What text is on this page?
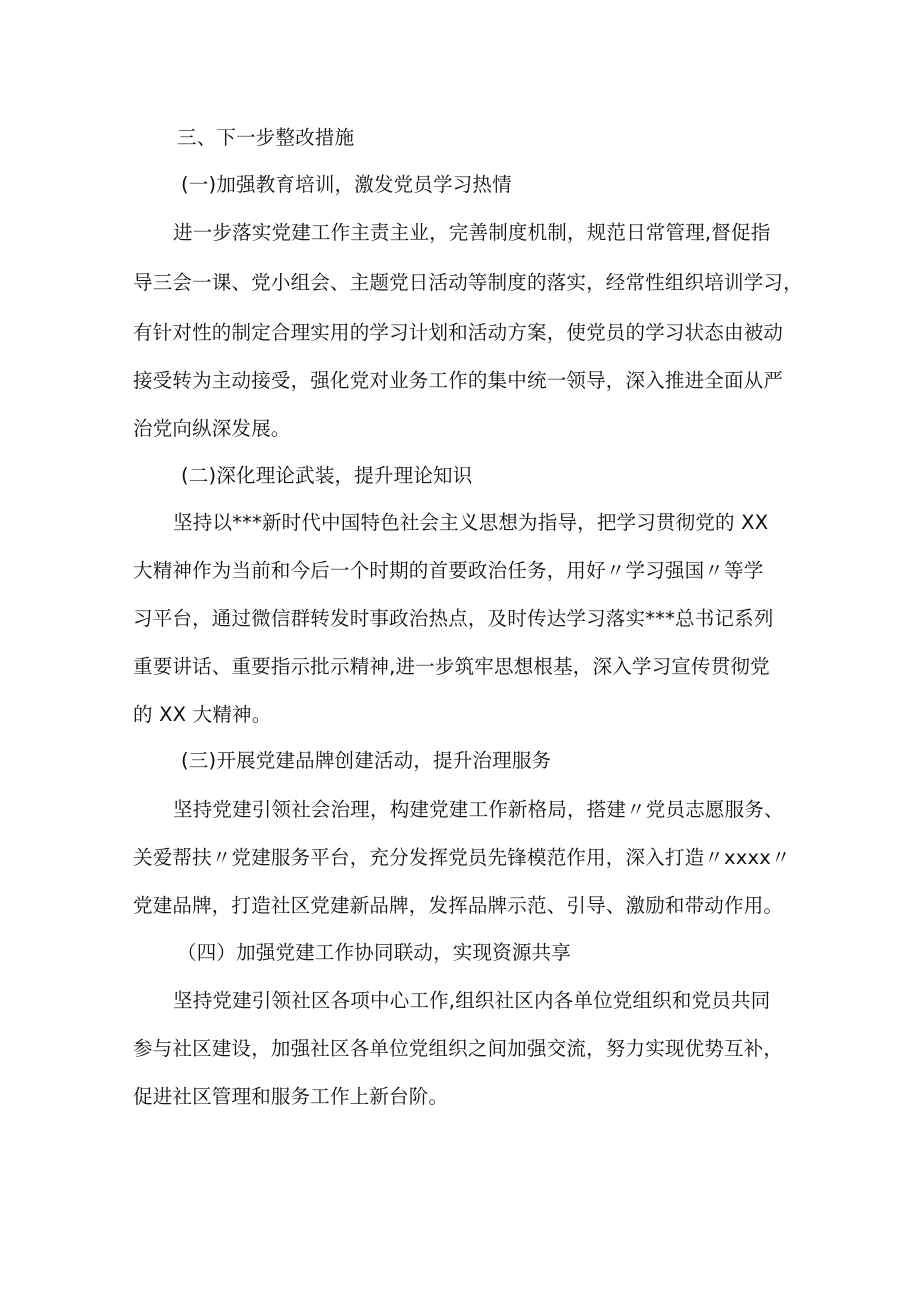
三、下一步整改措施
(一)加强教育培训，激发党员学习热情
进一步落实党建工作主责主业，完善制度机制，规范日常管理,督促指
导三会一课、党小组会、主题党日活动等制度的落实，经常性组织培训学习，
有针对性的制定合理实用的学习计划和活动方案，使党员的学习状态由被动
接受转为主动接受，强化党对业务工作的集中统一领导，深入推进全面从严
治党向纵深发展。
(二)深化理论武装，提升理论知识
坚持以***新时代中国特色社会主义思想为指导，把学习贯彻党的 XX
大精神作为当前和今后一个时期的首要政治任务，用好〃学习强国〃等学
习平台，通过微信群转发时事政治热点，及时传达学习落实***总书记系列
重要讲话、重要指示批示精神,进一步筑牢思想根基，深入学习宣传贯彻党
的 XX 大精神。
(三)开展党建品牌创建活动，提升治理服务
坚持党建引领社会治理，构建党建工作新格局，搭建〃党员志愿服务、
关爱帮扶〃党建服务平台，充分发挥党员先锋模范作用，深入打造〃xxxx〃
党建品牌，打造社区党建新品牌，发挥品牌示范、引导、激励和带动作用。
（四）加强党建工作协同联动，实现资源共享
坚持党建引领社区各项中心工作,组织社区内各单位党组织和党员共同
参与社区建设，加强社区各单位党组织之间加强交流，努力实现优势互补，
促进社区管理和服务工作上新台阶。
